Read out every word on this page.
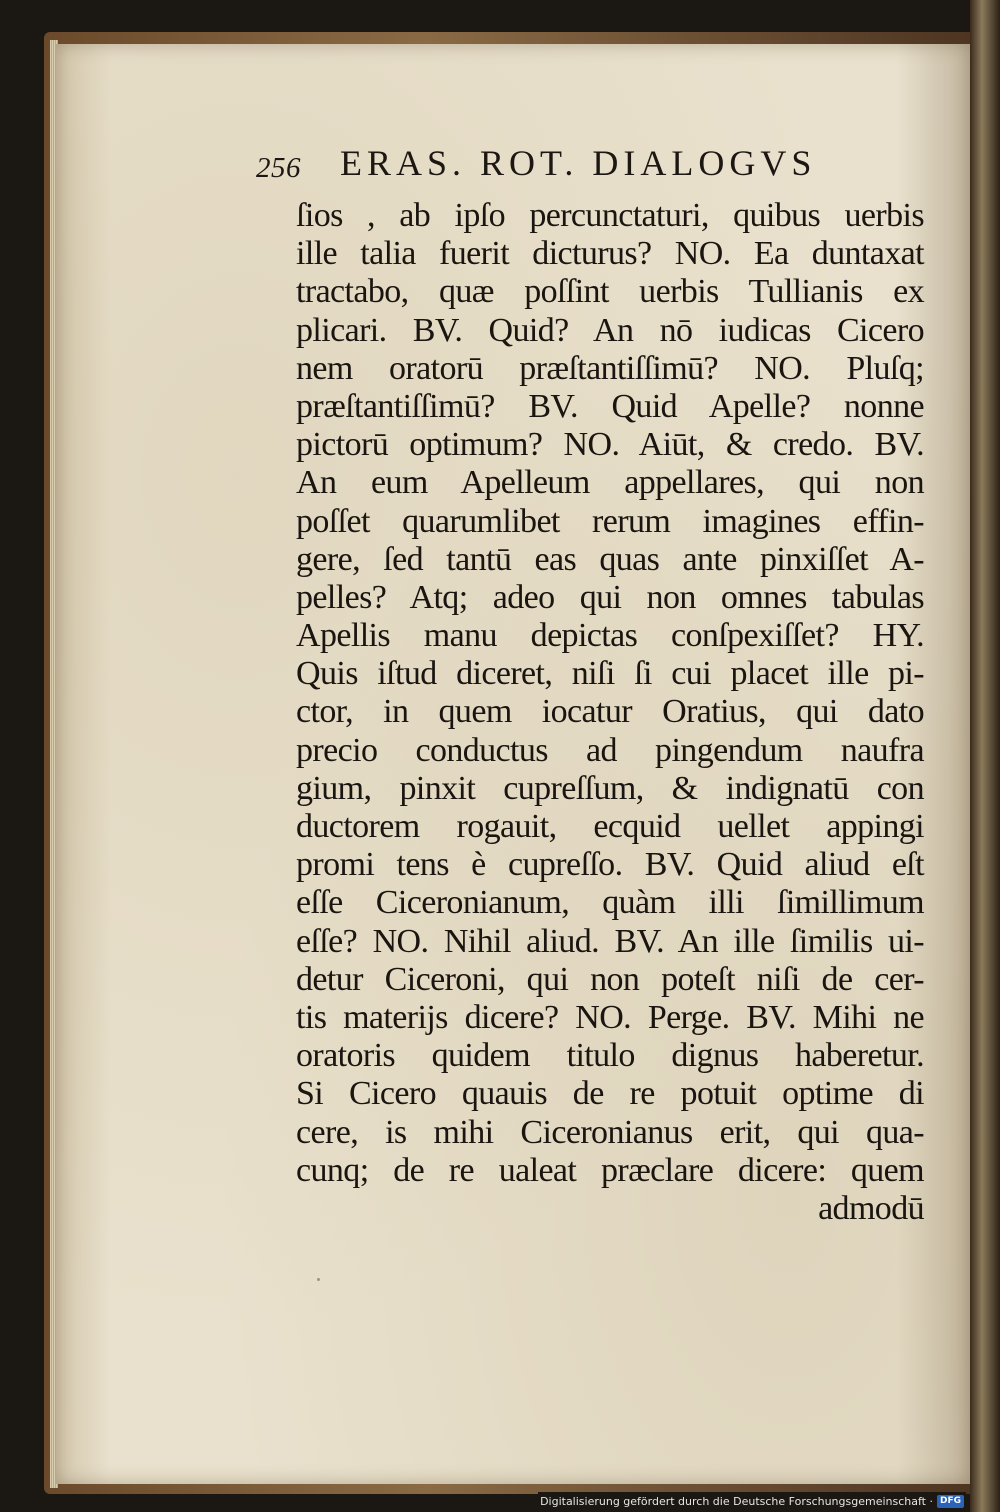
256 ERAS. ROT. DIALOGVS
ſios , ab ipſo percunctaturi, quibus uerbis
ille talia fuerit dicturus? NO. Ea duntaxat
tractabo, quæ poſſint uerbis Tullianis ex
plicari. BV. Quid? An nō iudicas Cicero
nem oratorū præſtantiſſimū? NO. Pluſq;
præſtantiſſimū? BV. Quid Apelle? nonne
pictorū optimum? NO. Aiūt, & credo. BV.
An eum Apelleum appellares, qui non
poſſet quarumlibet rerum imagines effin-
gere, ſed tantū eas quas ante pinxiſſet A-
pelles? Atq; adeo qui non omnes tabulas
Apellis manu depictas conſpexiſſet? HY.
Quis iſtud diceret, niſi ſi cui placet ille pi-
ctor, in quem iocatur Oratius, qui dato
precio conductus ad pingendum naufra
gium, pinxit cupreſſum, & indignatū con
ductorem rogauit, ecquid uellet appingi
promi tens è cupreſſo. BV. Quid aliud eſt
eſſe Ciceronianum, quàm illi ſimillimum
eſſe? NO. Nihil aliud. BV. An ille ſimilis ui-
detur Ciceroni, qui non poteſt niſi de cer-
tis materijs dicere? NO. Perge. BV. Mihi ne
oratoris quidem titulo dignus haberetur.
Si Cicero quauis de re potuit optime di
cere, is mihi Ciceronianus erit, qui qua-
cunq; de re ualeat præclare dicere: quem
admodū
Digitalisierung gefördert durch die Deutsche Forschungsgemeinschaft · DFG
